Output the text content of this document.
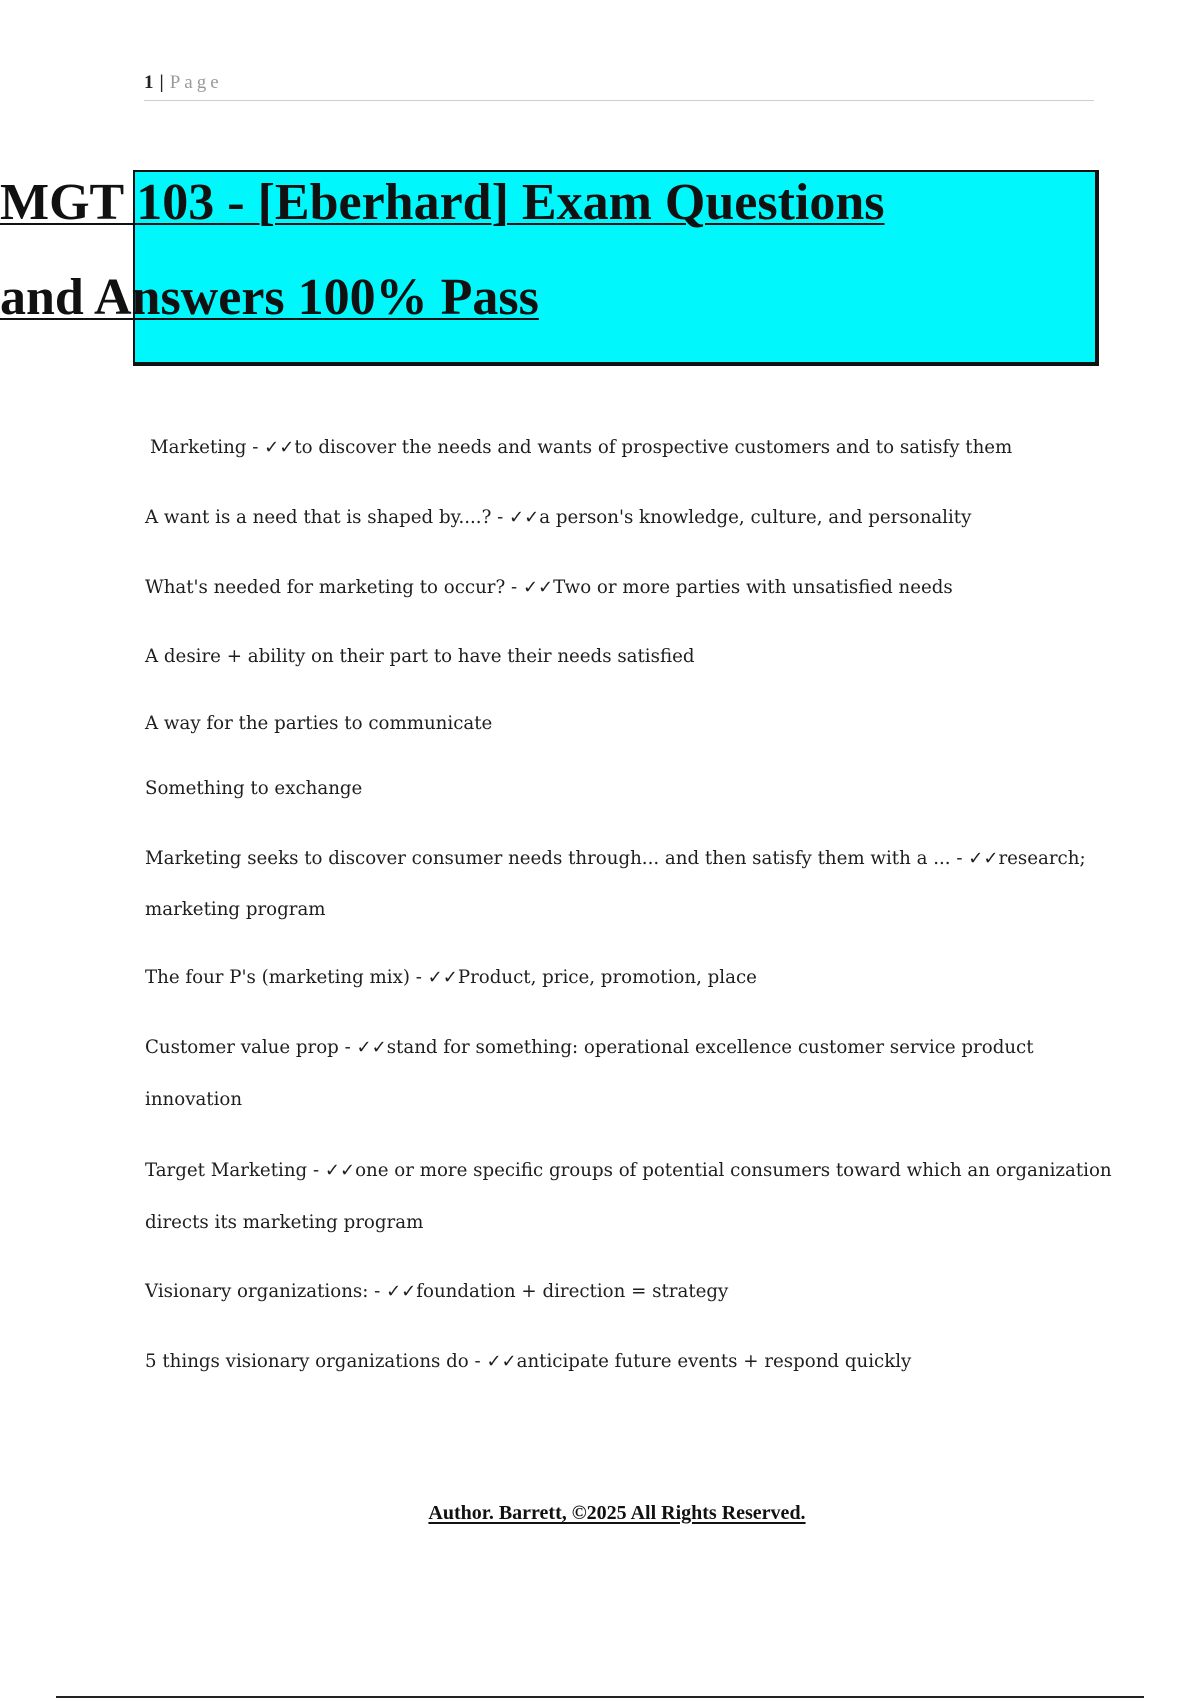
1 | Page
MGT 103 - [Eberhard] Exam Questions
and Answers 100% Pass
Marketing - ✓✓to discover the needs and wants of prospective customers and to satisfy them
A want is a need that is shaped by....? - ✓✓a person's knowledge, culture, and personality
What's needed for marketing to occur? - ✓✓Two or more parties with unsatisfied needs
A desire + ability on their part to have their needs satisfied
A way for the parties to communicate
Something to exchange
Marketing seeks to discover consumer needs through... and then satisfy them with a ... - ✓✓research;
marketing program
The four P's (marketing mix) - ✓✓Product, price, promotion, place
Customer value prop - ✓✓stand for something: operational excellence customer service product
innovation
Target Marketing - ✓✓one or more specific groups of potential consumers toward which an organization
directs its marketing program
Visionary organizations: - ✓✓foundation + direction = strategy
5 things visionary organizations do - ✓✓anticipate future events + respond quickly
Author. Barrett, ©2025 All Rights Reserved.
